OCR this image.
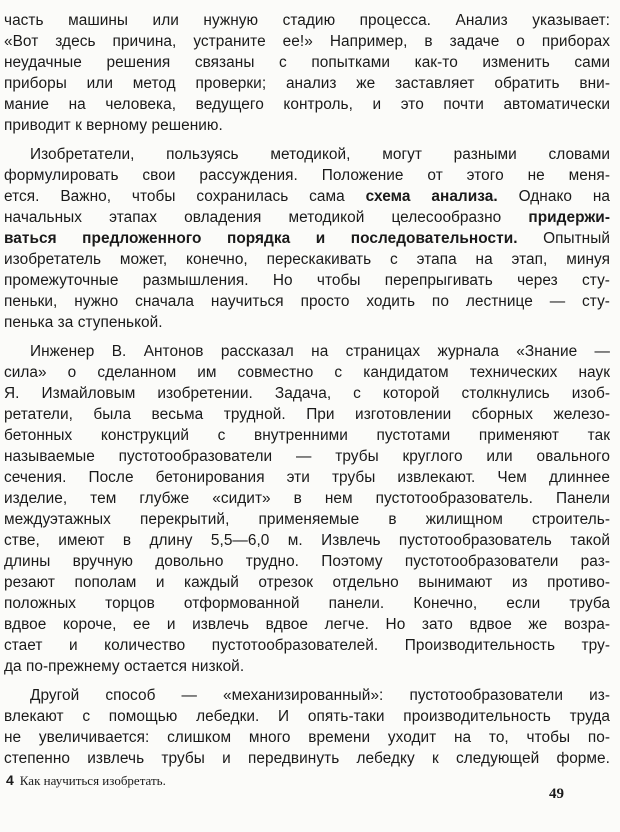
часть машины или нужную стадию процесса. Анализ указывает:

«Вот здесь причина, устраните ее!» Например, в задаче о приборах

неудачные решения связаны с попытками как-то изменить сами

приборы или метод проверки; анализ же заставляет обратить вни-

мание на человека, ведущего контроль, и это почти автоматически

приводит к верному решению.

Изобретатели, пользуясь методикой, могут разными словами

формулировать свои рассуждения. Положение от этого не меня-

ется. Важно, чтобы сохранилась сама схема анализа. Однако на

начальных этапах овладения методикой целесообразно придержи-

ваться предложенного порядка и последовательности. Опытный

изобретатель может, конечно, перескакивать с этапа на этап, минуя

промежуточные размышления. Но чтобы перепрыгивать через сту-

пеньки, нужно сначала научиться просто ходить по лестнице — сту-

пенька за ступенькой.

Инженер В. Антонов рассказал на страницах журнала «Знание —

сила» о сделанном им совместно с кандидатом технических наук

Я. Измайловым изобретении. Задача, с которой столкнулись изоб-

ретатели, была весьма трудной. При изготовлении сборных железо-

бетонных конструкций с внутренними пустотами применяют так

называемые пустотообразователи — трубы круглого или овального

сечения. После бетонирования эти трубы извлекают. Чем длиннее

изделие, тем глубже «сидит» в нем пустотообразователь. Панели

междуэтажных перекрытий, применяемые в жилищном строитель-

стве, имеют в длину 5,5—6,0 м. Извлечь пустотообразователь такой

длины вручную довольно трудно. Поэтому пустотообразователи раз-

резают пополам и каждый отрезок отдельно вынимают из противо-

положных торцов отформованной панели. Конечно, если труба

вдвое короче, ее и извлечь вдвое легче. Но зато вдвое же возра-

стает и количество пустотообразователей. Производительность тру-

да по-прежнему остается низкой.

Другой способ — «механизированный»: пустотообразователи из-

влекают с помощью лебедки. И опять-таки производительность труда

не увеличивается: слишком много времени уходит на то, чтобы по-

степенно извлечь трубы и передвинуть лебедку к следующей форме.

4 Как научиться изобретать.
49
